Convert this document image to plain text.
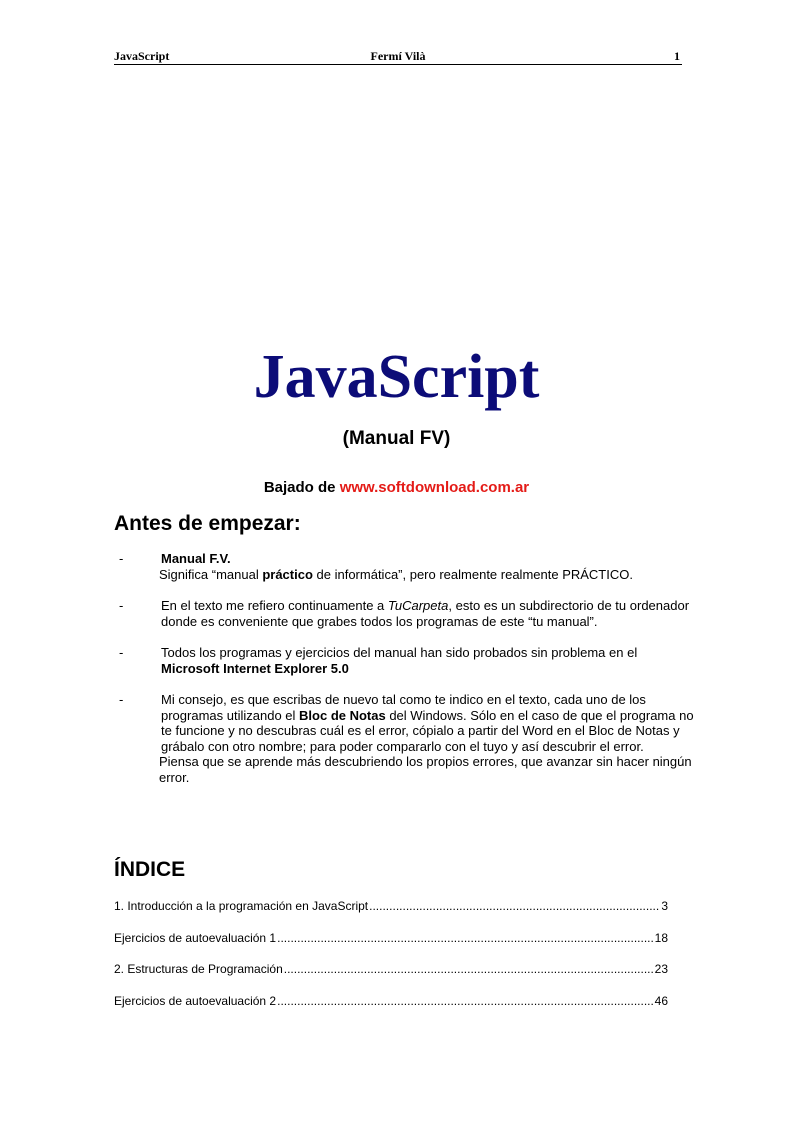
JavaScript	Fermí Vilà	1
JavaScript
(Manual FV)
Bajado de www.softdownload.com.ar
Antes de empezar:
-	Manual F.V.
Significa “manual práctico de informática”, pero realmente realmente PRÁCTICO.
-	En el texto me refiero continuamente a TuCarpeta, esto es un subdirectorio de tu ordenador donde es conveniente que grabes todos los programas de este “tu manual”.
-	Todos los programas y ejercicios del manual han sido probados sin problema en el Microsoft Internet Explorer 5.0
-	Mi consejo, es que escribas de nuevo tal como te indico en el texto, cada uno de los programas utilizando el Bloc de Notas del Windows. Sólo en el caso de que el programa no te funcione y no descubras cuál es el error, cópialo a partir del Word en el Bloc de Notas y grábalo con otro nombre; para poder compararlo con el tuyo y así descubrir el error.
Piensa que se aprende más descubriendo los propios errores, que avanzar sin hacer ningún error.
ÍNDICE
1. Introducción a la programación en JavaScript .....	3
Ejercicios de autoevaluación 1 .....	18
2. Estructuras de Programación .....	23
Ejercicios de autoevaluación 2 .....	46
